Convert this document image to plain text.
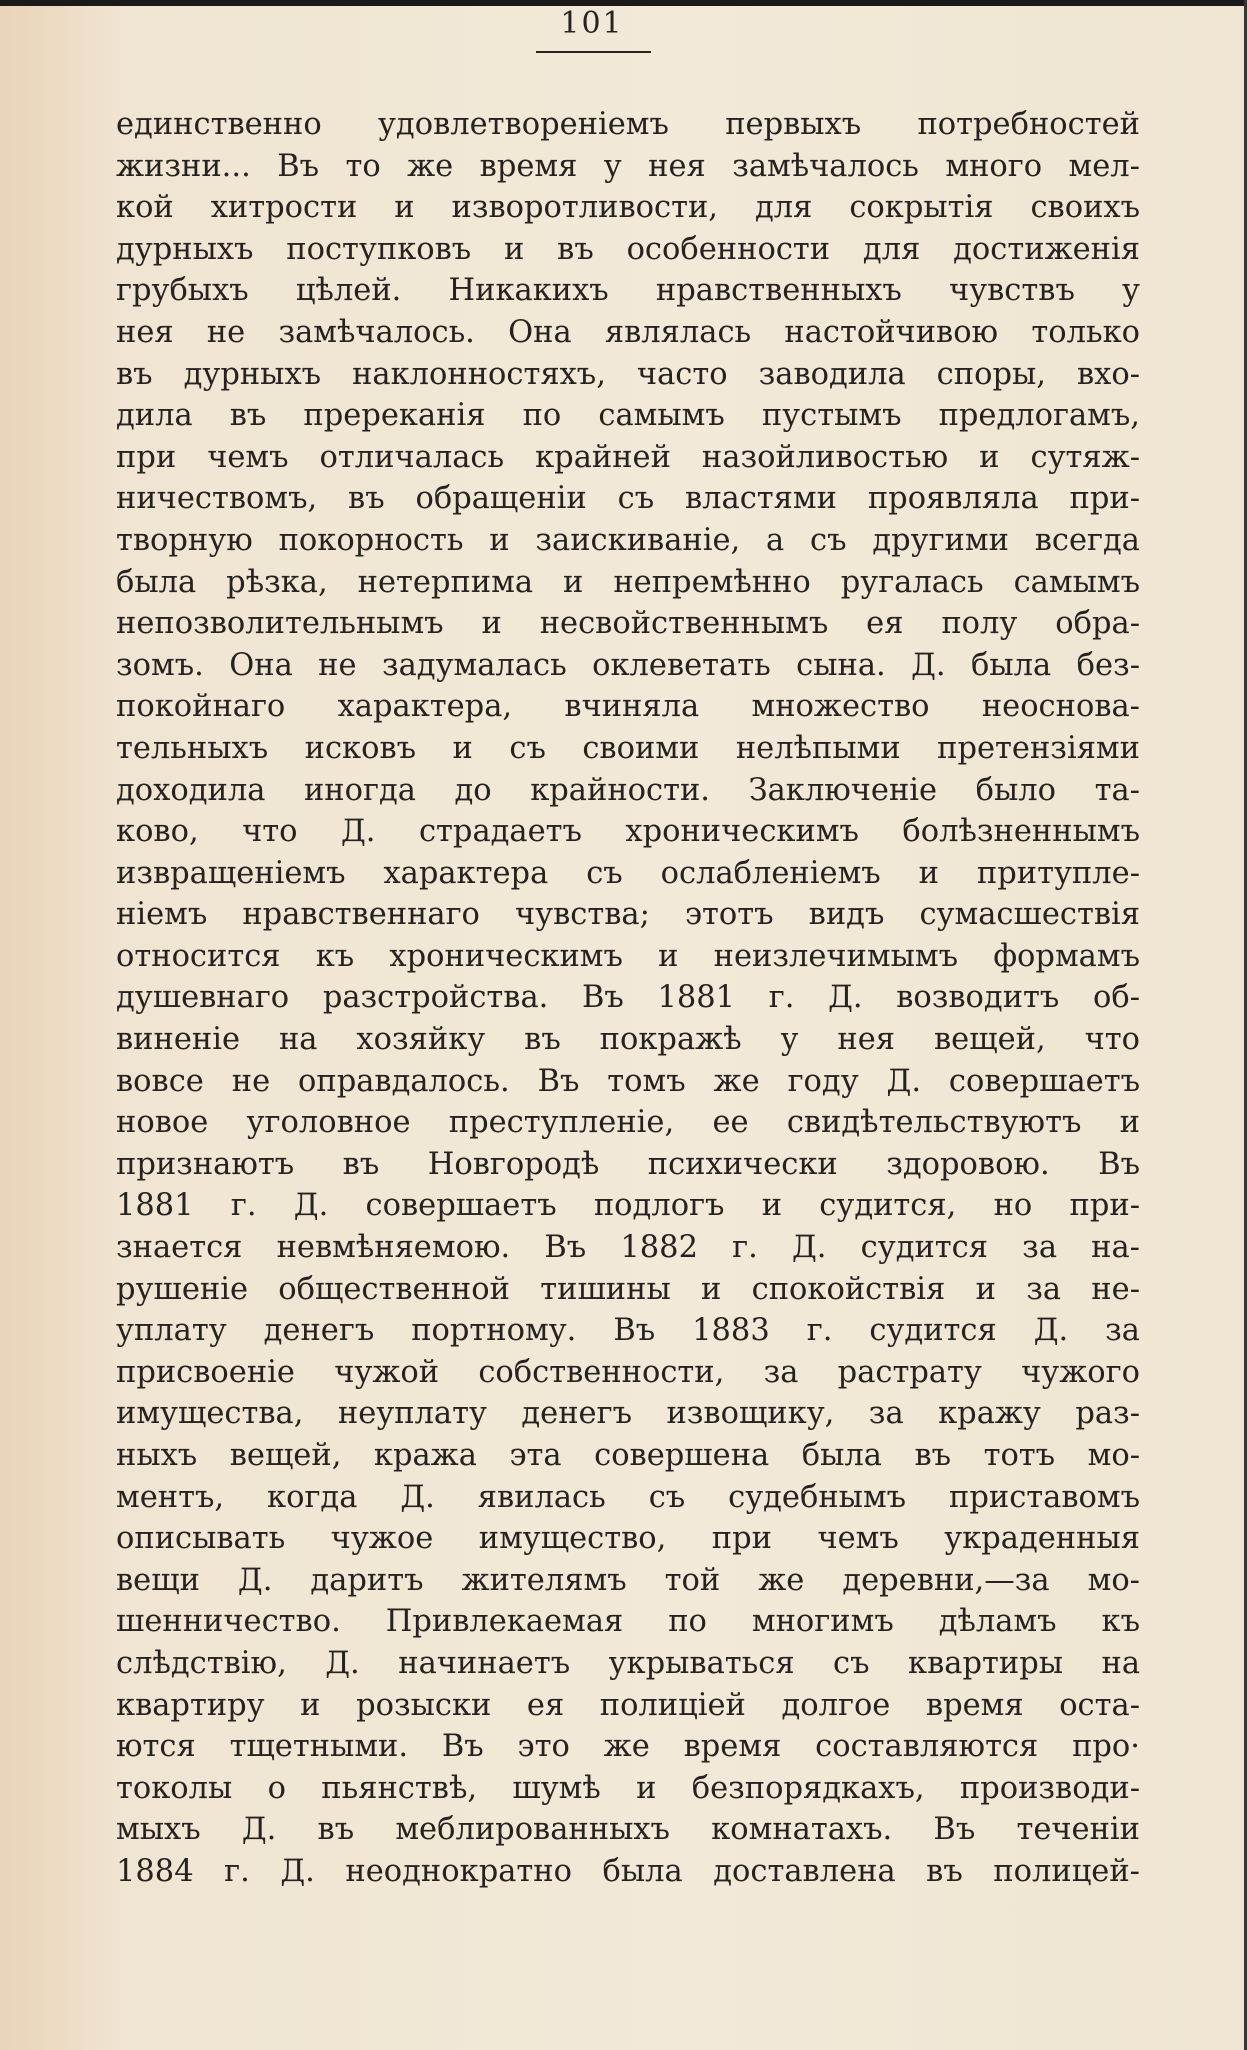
101
единственно удовлетворенiемъ первыхъ потребностей
жизни... Въ то же время у нея замѣчалось много мел-
кой хитрости и изворотливости, для сокрытiя своихъ
дурныхъ поступковъ и въ особенности для достиженiя
грубыхъ цѣлей. Никакихъ нравственныхъ чувствъ у
нея не замѣчалось. Она являлась настойчивою только
въ дурныхъ наклонностяхъ, часто заводила споры, вхо-
дила въ пререканiя по самымъ пустымъ предлогамъ,
при чемъ отличалась крайней назойливостью и сутяж-
ничествомъ, въ обращенiи съ властями проявляла при-
творную покорность и заискиванiе, а съ другими всегда
была рѣзка, нетерпима и непремѣнно ругалась самымъ
непозволительнымъ и несвойственнымъ ея полу обра-
зомъ. Она не задумалась оклеветать сына. Д. была без-
покойнаго характера, вчиняла множество неоснова-
тельныхъ исковъ и съ своими нелѣпыми претензiями
доходила иногда до крайности. Заключенiе было та-
ково, что Д. страдаетъ хроническимъ болѣзненнымъ
извращенiемъ характера съ ослабленiемъ и притупле-
нiемъ нравственнаго чувства; этотъ видъ сумасшествiя
относится къ хроническимъ и неизлечимымъ формамъ
душевнаго разстройства. Въ 1881 г. Д. возводитъ об-
виненiе на хозяйку въ покражѣ у нея вещей, что
вовсе не оправдалось. Въ томъ же году Д. совершаетъ
новое уголовное преступленiе, ее свидѣтельствуютъ и
признаютъ въ Новгородѣ психически здоровою. Въ
1881 г. Д. совершаетъ подлогъ и судится, но при-
знается невмѣняемою. Въ 1882 г. Д. судится за на-
рушенiе общественной тишины и спокойствiя и за не-
уплату денегъ портному. Въ 1883 г. судится Д. за
присвоенiе чужой собственности, за растрату чужого
имущества, неуплату денегъ извощику, за кражу раз-
ныхъ вещей, кража эта совершена была въ тотъ мо-
ментъ, когда Д. явилась съ судебнымъ приставомъ
описывать чужое имущество, при чемъ украденныя
вещи Д. даритъ жителямъ той же деревни,—за мо-
шенничество. Привлекаемая по многимъ дѣламъ къ
слѣдствiю, Д. начинаетъ укрываться съ квартиры на
квартиру и розыски ея полицiей долгое время оста-
ются тщетными. Въ это же время составляются про·
токолы о пьянствѣ, шумѣ и безпорядкахъ, производи-
мыхъ Д. въ меблированныхъ комнатахъ. Въ теченiи
1884 г. Д. неоднократно была доставлена въ полицей-
